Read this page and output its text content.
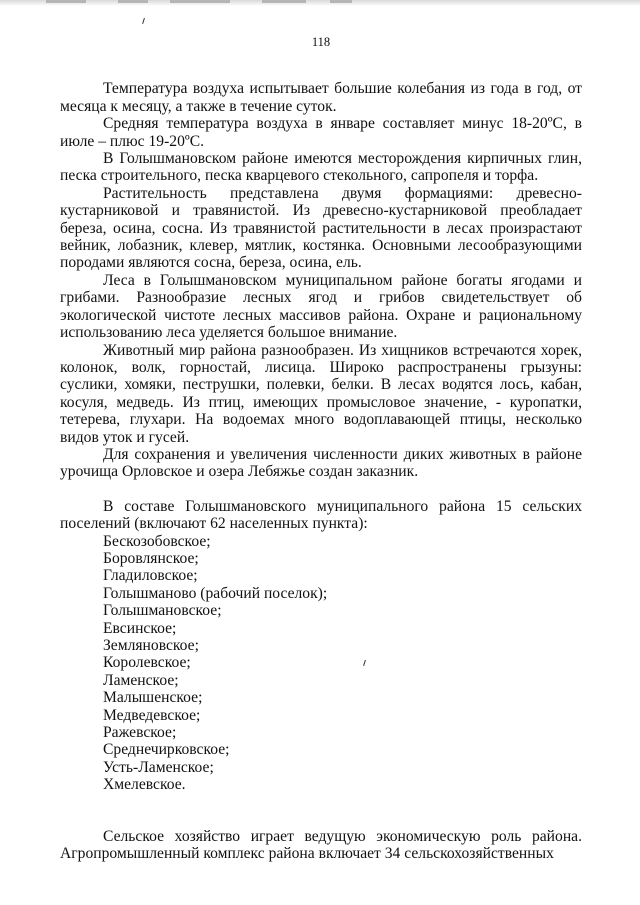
118

Температура воздуха испытывает большие колебания из года в год, от месяца к месяцу, а также в течение суток.

Средняя температура воздуха в январе составляет минус 18-20ºС, в июле – плюс 19-20ºС.

В Голышмановском районе имеются месторождения кирпичных глин, песка строительного, песка кварцевого стекольного, сапропеля и торфа.

Растительность представлена двумя формациями: древесно-кустарниковой и травянистой. Из древесно-кустарниковой преобладает береза, осина, сосна. Из травянистой растительности в лесах произрастают вейник, лобазник, клевер, мятлик, костянка. Основными лесообразующими породами являются сосна, береза, осина, ель.

Леса в Голышмановском муниципальном районе богаты ягодами и грибами. Разнообразие лесных ягод и грибов свидетельствует об экологической чистоте лесных массивов района. Охране и рациональному использованию леса уделяется большое внимание.

Животный мир района разнообразен. Из хищников встречаются хорек, колонок, волк, горностай, лисица. Широко распространены грызуны: суслики, хомяки, пеструшки, полевки, белки. В лесах водятся лось, кабан, косуля, медведь. Из птиц, имеющих промысловое значение, - куропатки, тетерева, глухари. На водоемах много водоплавающей птицы, несколько видов уток и гусей.

Для сохранения и увеличения численности диких животных в районе урочища Орловское и озера Лебяжье создан заказник.

В составе Голышмановского муниципального района 15 сельских поселений (включают 62 населенных пункта):

Бескозобовское;
Боровлянское;
Гладиловское;
Голышманово (рабочий поселок);
Голышмановское;
Евсинское;
Земляновское;
Королевское;
Ламенское;
Малышенское;
Медведевское;
Ражевское;
Среднечирковское;
Усть-Ламенское;
Хмелевское.

Сельское хозяйство играет ведущую экономическую роль района. Агропромышленный комплекс района включает 34 сельскохозяйственных
